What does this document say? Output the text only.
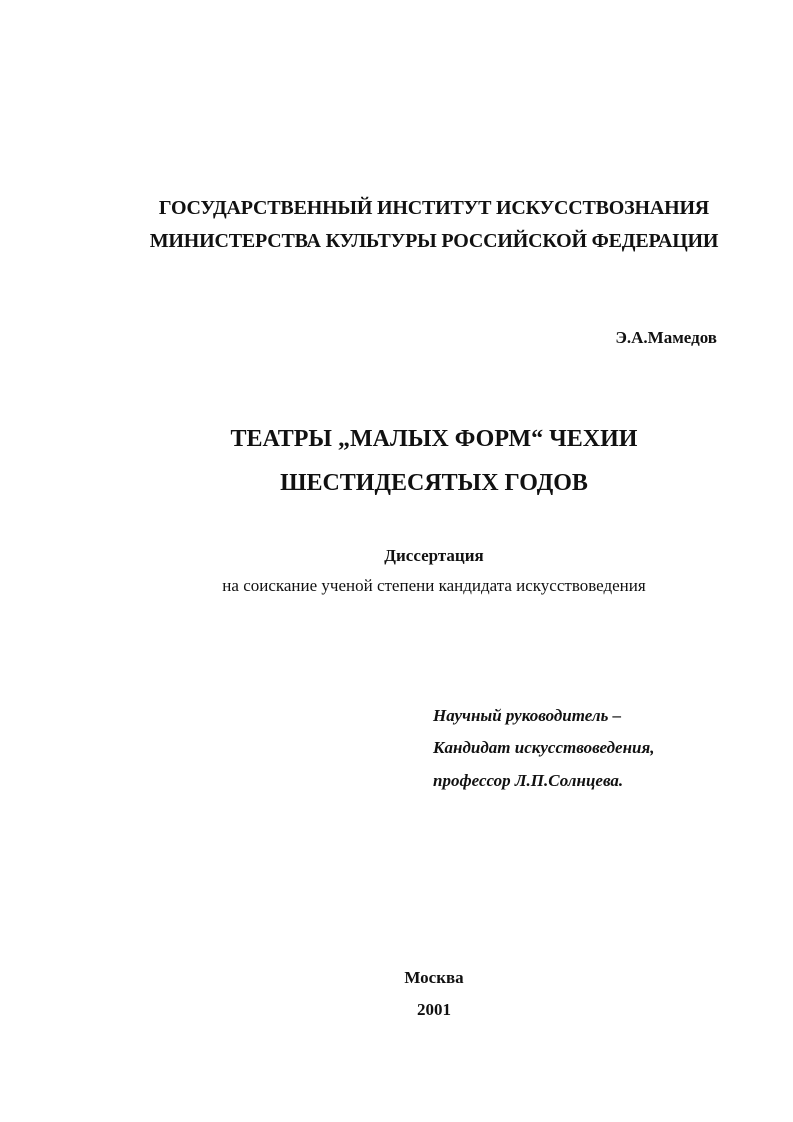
ГОСУДАРСТВЕННЫЙ ИНСТИТУТ ИСКУССТВОЗНАНИЯ
МИНИСТЕРСТВА КУЛЬТУРЫ РОССИЙСКОЙ ФЕДЕРАЦИИ
Э.А.Мамедов
ТЕАТРЫ „МАЛЫХ ФОРМ“ ЧЕХИИ
ШЕСТИДЕСЯТЫХ ГОДОВ
Диссертация
на соискание ученой степени кандидата искусствоведения
Научный руководитель –
Кандидат искусствоведения,
профессор Л.П.Солнцева.
Москва
2001
